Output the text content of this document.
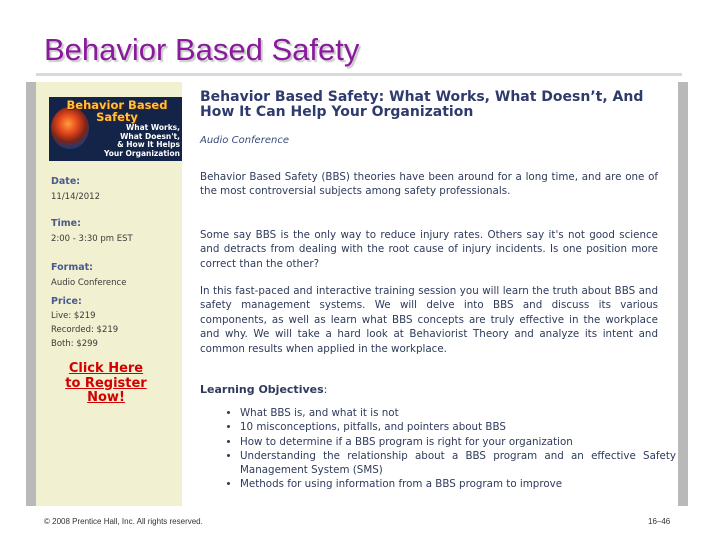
Behavior Based Safety
Behavior Based
Safety
What Works,
What Doesn't,
& How It Helps
Your Organization
Date:
11/14/2012
Time:
2:00 - 3:30 pm EST
Format:
Audio Conference
Price:
Live: $219
Recorded: $219
Both: $299
Click Here
to Register
Now!
Behavior Based Safety: What Works, What Doesn’t, And How It Can Help Your Organization
Audio Conference

Behavior Based Safety (BBS) theories have been around for a long time, and are one of the most controversial subjects among safety professionals.

Some say BBS is the only way to reduce injury rates. Others say it's not good science and detracts from dealing with the root cause of injury incidents. Is one position more correct than the other?

In this fast-paced and interactive training session you will learn the truth about BBS and safety management systems. We will delve into BBS and discuss its various components, as well as learn what BBS concepts are truly effective in the workplace and why. We will take a hard look at Behaviorist Theory and analyze its intent and common results when applied in the workplace.

Learning Objectives:
• What BBS is, and what it is not
• 10 misconceptions, pitfalls, and pointers about BBS
• How to determine if a BBS program is right for your organization
• Understanding the relationship about a BBS program and an effective Safety Management System (SMS)
• Methods for using information from a BBS program to improve
© 2008 Prentice Hall, Inc. All rights reserved.	16–46
